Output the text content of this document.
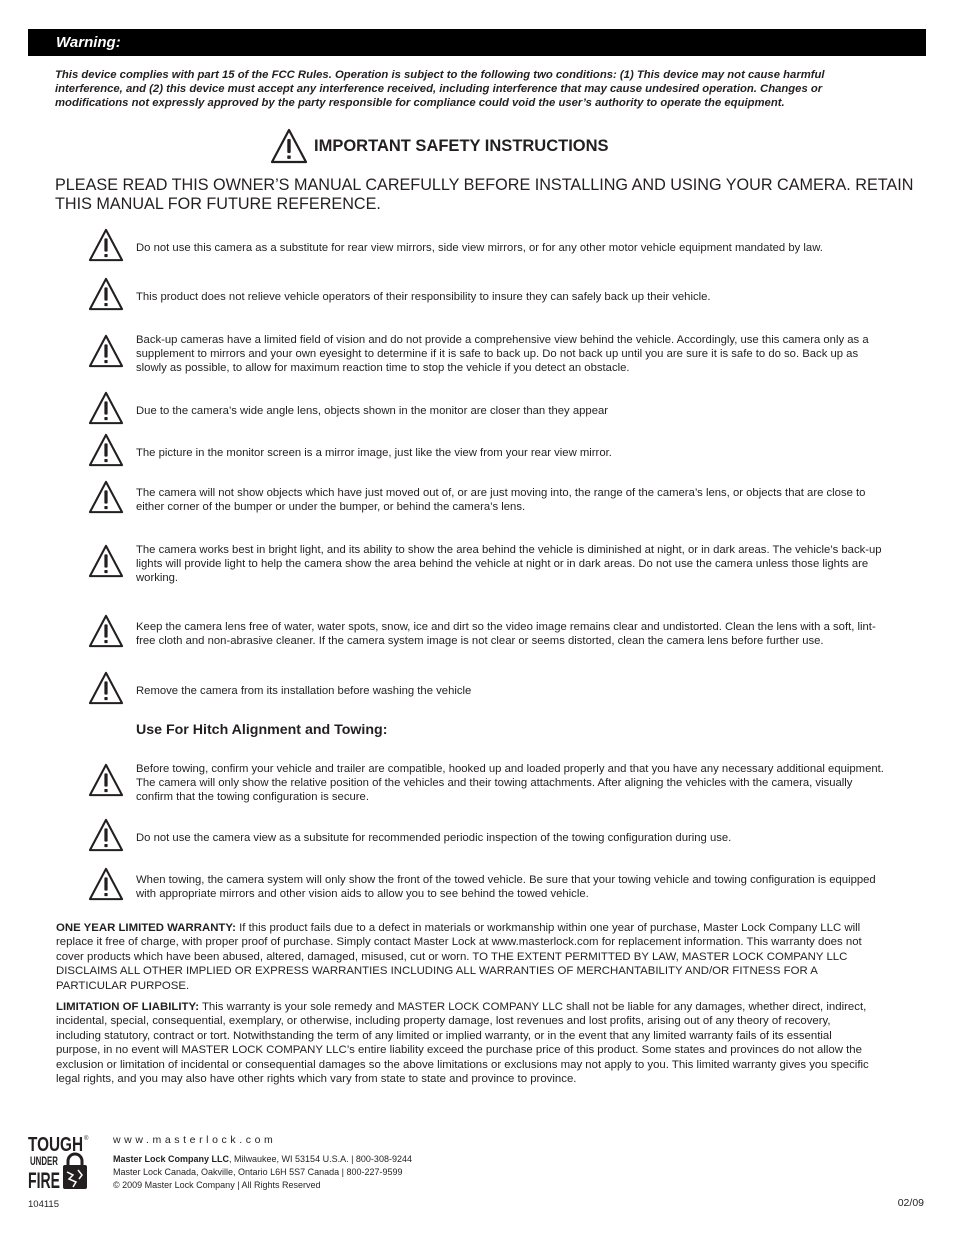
Warning:
This device complies with part 15 of the FCC Rules. Operation is subject to the following two conditions: (1) This device may not cause harmful interference, and (2) this device must accept any interference received, including interference that may cause undesired operation. Changes or modifications not expressly approved by the party responsible for compliance could void the user’s authority to operate the equipment.
IMPORTANT SAFETY INSTRUCTIONS
PLEASE READ THIS OWNER’S MANUAL CAREFULLY BEFORE INSTALLING AND USING YOUR CAMERA. RETAIN THIS MANUAL FOR FUTURE REFERENCE.
Do not use this camera as a substitute for rear view mirrors, side view mirrors, or for any other motor vehicle equipment mandated by law.
This product does not relieve vehicle operators of their responsibility to insure they can safely back up their vehicle.
Back-up cameras have a limited field of vision and do not provide a comprehensive view behind the vehicle. Accordingly, use this camera only as a supplement to mirrors and your own eyesight to determine if it is safe to back up. Do not back up until you are sure it is safe to do so. Back up as slowly as possible, to allow for maximum reaction time to stop the vehicle if you detect an obstacle.
Due to the camera’s wide angle lens, objects shown in the monitor are closer than they appear
The picture in the monitor screen is a mirror image, just like the view from your rear view mirror.
The camera will not show objects which have just moved out of, or are just moving into, the range of the camera’s lens, or objects that are close to either corner of the bumper or under the bumper, or behind the camera’s lens.
The camera works best in bright light, and its ability to show the area behind the vehicle is diminished at night, or in dark areas. The vehicle’s back-up lights will provide light to help the camera show the area behind the vehicle at night or in dark areas. Do not use the camera unless those lights are working.
Keep the camera lens free of water, water spots, snow, ice and dirt so the video image remains clear and undistorted. Clean the lens with a soft, lint-free cloth and non-abrasive cleaner. If the camera system image is not clear or seems distorted, clean the camera lens before further use.
Remove the camera from its installation before washing the vehicle
Use For Hitch Alignment and Towing:
Before towing, confirm your vehicle and trailer are compatible, hooked up and loaded properly and that you have any necessary additional equipment. The camera will only show the relative position of the vehicles and their towing attachments. After aligning the vehicles with the camera, visually confirm that the towing configuration is secure.
Do not use the camera view as a subsitute for recommended periodic inspection of the towing configuration during use.
When towing, the camera system will only show the front of the towed vehicle. Be sure that your towing vehicle and towing configuration is equipped with appropriate mirrors and other vision aids to allow you to see behind the towed vehicle.
ONE YEAR LIMITED WARRANTY: If this product fails due to a defect in materials or workmanship within one year of purchase, Master Lock Company LLC will replace it free of charge, with proper proof of purchase. Simply contact Master Lock at www.masterlock.com for replacement information. This warranty does not cover products which have been abused, altered, damaged, misused, cut or worn. TO THE EXTENT PERMITTED BY LAW, MASTER LOCK COMPANY LLC DISCLAIMS ALL OTHER IMPLIED OR EXPRESS WARRANTIES INCLUDING ALL WARRANTIES OF MERCHANTABILITY AND/OR FITNESS FOR A PARTICULAR PURPOSE.
LIMITATION OF LIABILITY: This warranty is your sole remedy and MASTER LOCK COMPANY LLC shall not be liable for any damages, whether direct, indirect, incidental, special, consequential, exemplary, or otherwise, including property damage, lost revenues and lost profits, arising out of any theory of recovery, including statutory, contract or tort. Notwithstanding the term of any limited or implied warranty, or in the event that any limited warranty fails of its essential purpose, in no event will MASTER LOCK COMPANY LLC’s entire liability exceed the purchase price of this product. Some states and provinces do not allow the exclusion or limitation of incidental or consequential damages so the above limitations or exclusions may not apply to you. This limited warranty gives you specific legal rights, and you may also have other rights which vary from state to state and province to province.
TOUGH ®
UNDER
FIRE
www.masterlock.com
Master Lock Company LLC, Milwaukee, WI 53154 U.S.A. | 800-308-9244
Master Lock Canada, Oakville, Ontario L6H 5S7 Canada | 800-227-9599
© 2009 Master Lock Company | All Rights Reserved
104115	02/09
